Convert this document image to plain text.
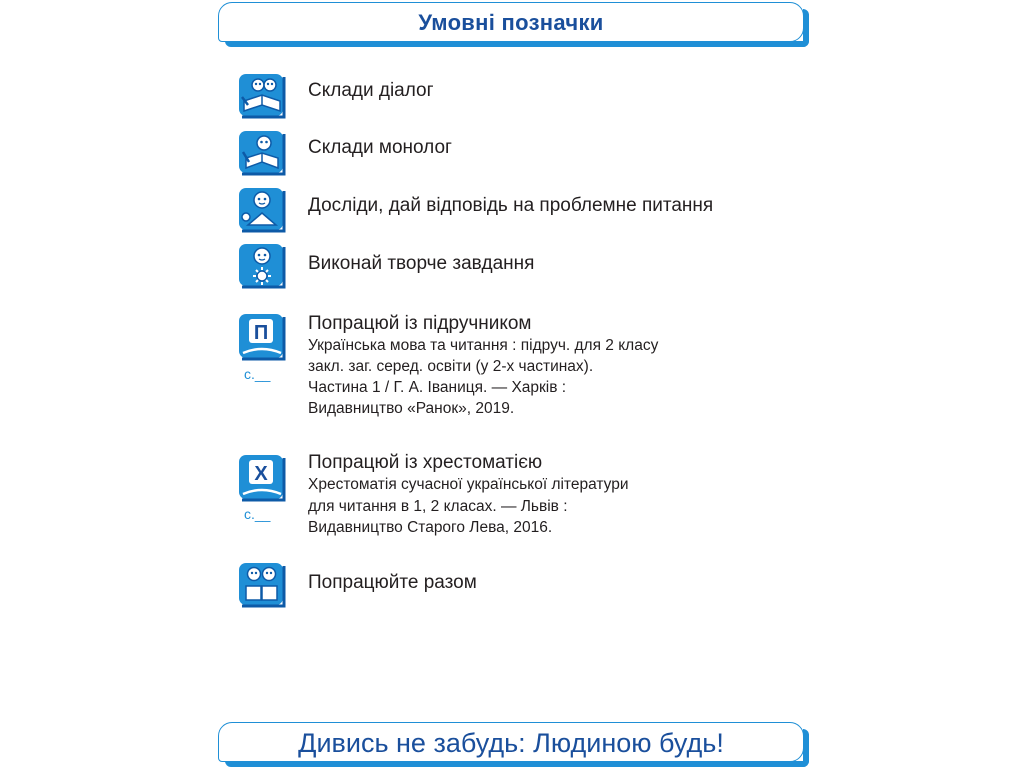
Умовні позначки
Склади діалог
Склади монолог
Досліди, дай відповідь на проблемне питання
Виконай творче завдання
П
с.__
Попрацюй із підручником
Українська мова та читання : підруч. для 2 класу
закл. заг. серед. освіти (у 2-х частинах).
Частина 1 / Г. А. Іваниця. — Харків :
Видавництво «Ранок», 2019.
Х
с.__
Попрацюй із хрестоматією
Хрестоматія сучасної української літератури
для читання в 1, 2 класах. — Львів :
Видавництво Старого Лева, 2016.
Попрацюйте разом
Дивись не забудь: Людиною будь!
